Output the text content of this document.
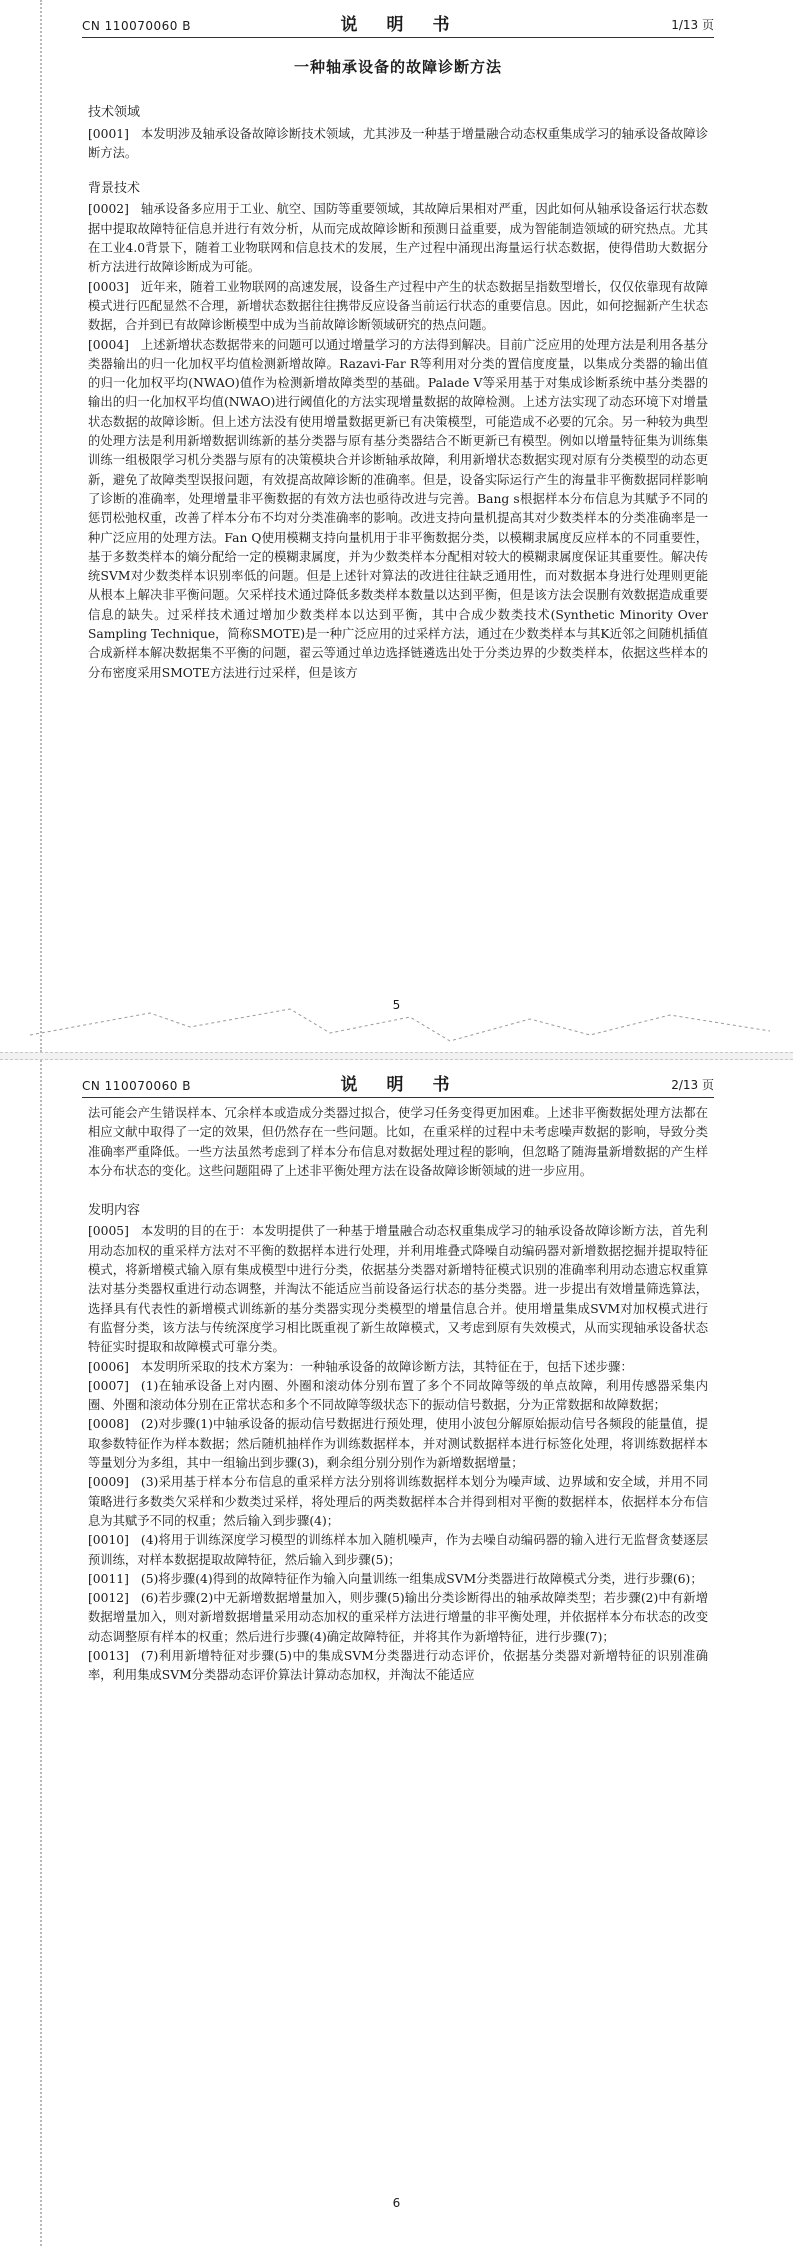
CN 110070060 B	说　明　书	1/13 页
一种轴承设备的故障诊断方法
技术领域

[0001] 本发明涉及轴承设备故障诊断技术领域，尤其涉及一种基于增量融合动态权重集成学习的轴承设备故障诊断方法。

背景技术

[0002] 轴承设备多应用于工业、航空、国防等重要领域，其故障后果相对严重，因此如何从轴承设备运行状态数据中提取故障特征信息并进行有效分析，从而完成故障诊断和预测日益重要，成为智能制造领域的研究热点。尤其在工业4.0背景下，随着工业物联网和信息技术的发展，生产过程中涌现出海量运行状态数据，使得借助大数据分析方法进行故障诊断成为可能。

[0003] 近年来，随着工业物联网的高速发展，设备生产过程中产生的状态数据呈指数型增长，仅仅依靠现有故障模式进行匹配显然不合理，新增状态数据往往携带反应设备当前运行状态的重要信息。因此，如何挖掘新产生状态数据，合并到已有故障诊断模型中成为当前故障诊断领域研究的热点问题。

[0004] 上述新增状态数据带来的问题可以通过增量学习的方法得到解决。目前广泛应用的处理方法是利用各基分类器输出的归一化加权平均值检测新增故障。Razavi-Far R等利用对分类的置信度度量，以集成分类器的输出值的归一化加权平均(NWAO)值作为检测新增故障类型的基础。Palade V等采用基于对集成诊断系统中基分类器的输出的归一化加权平均值(NWAO)进行阈值化的方法实现增量数据的故障检测。上述方法实现了动态环境下对增量状态数据的故障诊断。但上述方法没有使用增量数据更新已有决策模型，可能造成不必要的冗余。另一种较为典型的处理方法是利用新增数据训练新的基分类器与原有基分类器结合不断更新已有模型。例如以增量特征集为训练集训练一组极限学习机分类器与原有的决策模块合并诊断轴承故障，利用新增状态数据实现对原有分类模型的动态更新，避免了故障类型误报问题，有效提高故障诊断的准确率。但是，设备实际运行产生的海量非平衡数据同样影响了诊断的准确率，处理增量非平衡数据的有效方法也亟待改进与完善。Bang s根据样本分布信息为其赋予不同的惩罚松弛权重，改善了样本分布不均对分类准确率的影响。改进支持向量机提高其对少数类样本的分类准确率是一种广泛应用的处理方法。Fan Q使用模糊支持向量机用于非平衡数据分类，以模糊隶属度反应样本的不同重要性，基于多数类样本的熵分配给一定的模糊隶属度，并为少数类样本分配相对较大的模糊隶属度保证其重要性。解决传统SVM对少数类样本识别率低的问题。但是上述针对算法的改进往往缺乏通用性，而对数据本身进行处理则更能从根本上解决非平衡问题。欠采样技术通过降低多数类样本数量以达到平衡，但是该方法会误删有效数据造成重要信息的缺失。过采样技术通过增加少数类样本以达到平衡，其中合成少数类技术(Synthetic Minority Over Sampling Technique，简称SMOTE)是一种广泛应用的过采样方法，通过在少数类样本与其K近邻之间随机插值合成新样本解决数据集不平衡的问题，翟云等通过单边选择链遴选出处于分类边界的少数类样本，依据这些样本的分布密度采用SMOTE方法进行过采样，但是该方

5
CN 110070060 B	说　明　书	2/13 页

法可能会产生错误样本、冗余样本或造成分类器过拟合，使学习任务变得更加困难。上述非平衡数据处理方法都在相应文献中取得了一定的效果，但仍然存在一些问题。比如，在重采样的过程中未考虑噪声数据的影响，导致分类准确率严重降低。一些方法虽然考虑到了样本分布信息对数据处理过程的影响，但忽略了随海量新增数据的产生样本分布状态的变化。这些问题阻碍了上述非平衡处理方法在设备故障诊断领域的进一步应用。

发明内容

[0005] 本发明的目的在于：本发明提供了一种基于增量融合动态权重集成学习的轴承设备故障诊断方法，首先利用动态加权的重采样方法对不平衡的数据样本进行处理，并利用堆叠式降噪自动编码器对新增数据挖掘并提取特征模式，将新增模式输入原有集成模型中进行分类，依据基分类器对新增特征模式识别的准确率利用动态遗忘权重算法对基分类器权重进行动态调整，并淘汰不能适应当前设备运行状态的基分类器。进一步提出有效增量筛选算法，选择具有代表性的新增模式训练新的基分类器实现分类模型的增量信息合并。使用增量集成SVM对加权模式进行有监督分类，该方法与传统深度学习相比既重视了新生故障模式，又考虑到原有失效模式，从而实现轴承设备状态特征实时提取和故障模式可靠分类。

[0006] 本发明所采取的技术方案为：一种轴承设备的故障诊断方法，其特征在于，包括下述步骤：

[0007] (1)在轴承设备上对内圈、外圈和滚动体分别布置了多个不同故障等级的单点故障，利用传感器采集内圈、外圈和滚动体分别在正常状态和多个不同故障等级状态下的振动信号数据，分为正常数据和故障数据；

[0008] (2)对步骤(1)中轴承设备的振动信号数据进行预处理，使用小波包分解原始振动信号各频段的能量值，提取参数特征作为样本数据；然后随机抽样作为训练数据样本，并对测试数据样本进行标签化处理，将训练数据样本等量划分为多组，其中一组输出到步骤(3)，剩余组分别分别作为新增数据增量；

[0009] (3)采用基于样本分布信息的重采样方法分别将训练数据样本划分为噪声域、边界域和安全域，并用不同策略进行多数类欠采样和少数类过采样，将处理后的两类数据样本合并得到相对平衡的数据样本，依据样本分布信息为其赋予不同的权重；然后输入到步骤(4)；

[0010] (4)将用于训练深度学习模型的训练样本加入随机噪声，作为去噪自动编码器的输入进行无监督贪婪逐层预训练，对样本数据提取故障特征，然后输入到步骤(5)；

[0011] (5)将步骤(4)得到的故障特征作为输入向量训练一组集成SVM分类器进行故障模式分类，进行步骤(6)；

[0012] (6)若步骤(2)中无新增数据增量加入，则步骤(5)输出分类诊断得出的轴承故障类型；若步骤(2)中有新增数据增量加入，则对新增数据增量采用动态加权的重采样方法进行增量的非平衡处理，并依据样本分布状态的改变动态调整原有样本的权重；然后进行步骤(4)确定故障特征，并将其作为新增特征，进行步骤(7)；

[0013] (7)利用新增特征对步骤(5)中的集成SVM分类器进行动态评价，依据基分类器对新增特征的识别准确率，利用集成SVM分类器动态评价算法计算动态加权，并淘汰不能适应

6
